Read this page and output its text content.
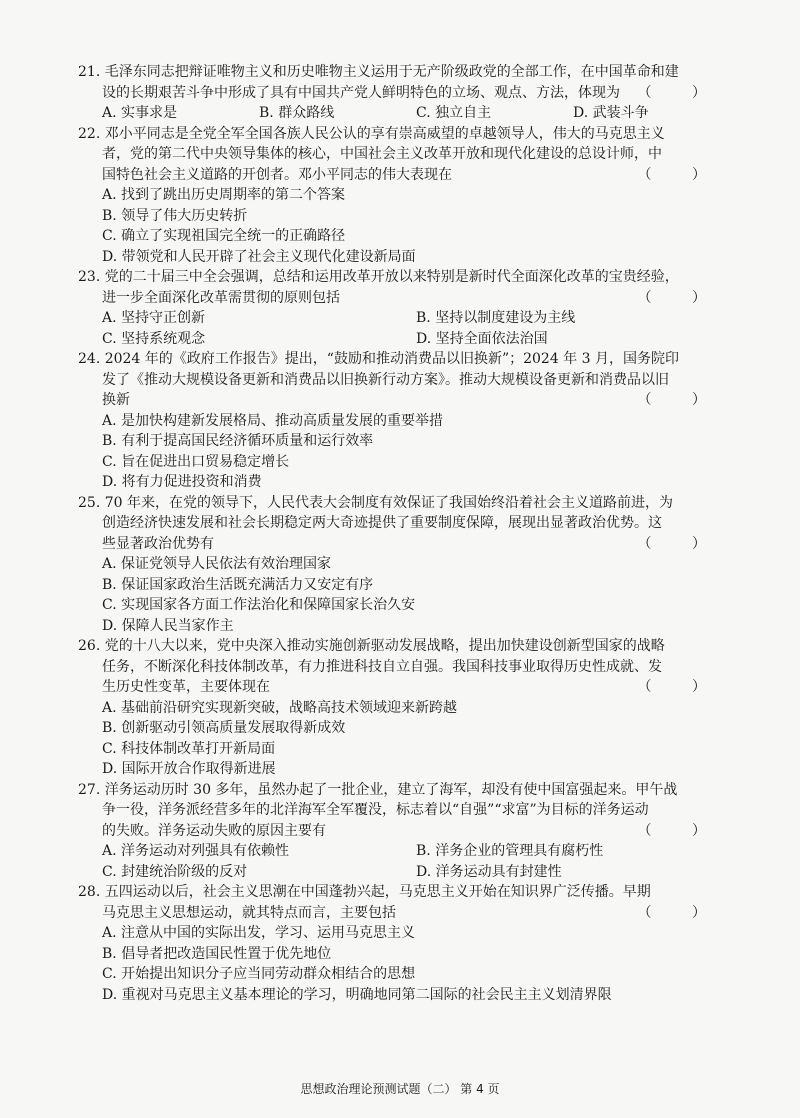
21. 毛泽东同志把辩证唯物主义和历史唯物主义运用于无产阶级政党的全部工作，在中国革命和建
设的长期艰苦斗争中形成了具有中国共产党人鲜明特色的立场、观点、方法，体现为 （ ）
A. 实事求是	B. 群众路线	C. 独立自主	D. 武装斗争
22. 邓小平同志是全党全军全国各族人民公认的享有崇高威望的卓越领导人，伟大的马克思主义
者，党的第二代中央领导集体的核心，中国社会主义改革开放和现代化建设的总设计师，中
国特色社会主义道路的开创者。邓小平同志的伟大表现在	（ ）
A. 找到了跳出历史周期率的第二个答案
B. 领导了伟大历史转折
C. 确立了实现祖国完全统一的正确路径
D. 带领党和人民开辟了社会主义现代化建设新局面
23. 党的二十届三中全会强调，总结和运用改革开放以来特别是新时代全面深化改革的宝贵经验，
进一步全面深化改革需贯彻的原则包括	（ ）
A. 坚持守正创新	B. 坚持以制度建设为主线
C. 坚持系统观念	D. 坚持全面依法治国
24. 2024 年的《政府工作报告》提出，“鼓励和推动消费品以旧换新”；2024 年 3 月，国务院印
发了《推动大规模设备更新和消费品以旧换新行动方案》。推动大规模设备更新和消费品以旧
换新	（ ）
A. 是加快构建新发展格局、推动高质量发展的重要举措
B. 有利于提高国民经济循环质量和运行效率
C. 旨在促进出口贸易稳定增长
D. 将有力促进投资和消费
25. 70 年来，在党的领导下，人民代表大会制度有效保证了我国始终沿着社会主义道路前进，为
创造经济快速发展和社会长期稳定两大奇迹提供了重要制度保障，展现出显著政治优势。这
些显著政治优势有	（ ）
A. 保证党领导人民依法有效治理国家
B. 保证国家政治生活既充满活力又安定有序
C. 实现国家各方面工作法治化和保障国家长治久安
D. 保障人民当家作主
26. 党的十八大以来，党中央深入推动实施创新驱动发展战略，提出加快建设创新型国家的战略
任务，不断深化科技体制改革，有力推进科技自立自强。我国科技事业取得历史性成就、发
生历史性变革，主要体现在	（ ）
A. 基础前沿研究实现新突破，战略高技术领域迎来新跨越
B. 创新驱动引领高质量发展取得新成效
C. 科技体制改革打开新局面
D. 国际开放合作取得新进展
27. 洋务运动历时 30 多年，虽然办起了一批企业，建立了海军，却没有使中国富强起来。甲午战
争一役，洋务派经营多年的北洋海军全军覆没，标志着以“自强”“求富”为目标的洋务运动
的失败。洋务运动失败的原因主要有	（ ）
A. 洋务运动对列强具有依赖性	B. 洋务企业的管理具有腐朽性
C. 封建统治阶级的反对	D. 洋务运动具有封建性
28. 五四运动以后，社会主义思潮在中国蓬勃兴起，马克思主义开始在知识界广泛传播。早期
马克思主义思想运动，就其特点而言，主要包括	（ ）
A. 注意从中国的实际出发，学习、运用马克思主义
B. 倡导者把改造国民性置于优先地位
C. 开始提出知识分子应当同劳动群众相结合的思想
D. 重视对马克思主义基本理论的学习，明确地同第二国际的社会民主主义划清界限
思想政治理论预测试题（二） 第 4 页
